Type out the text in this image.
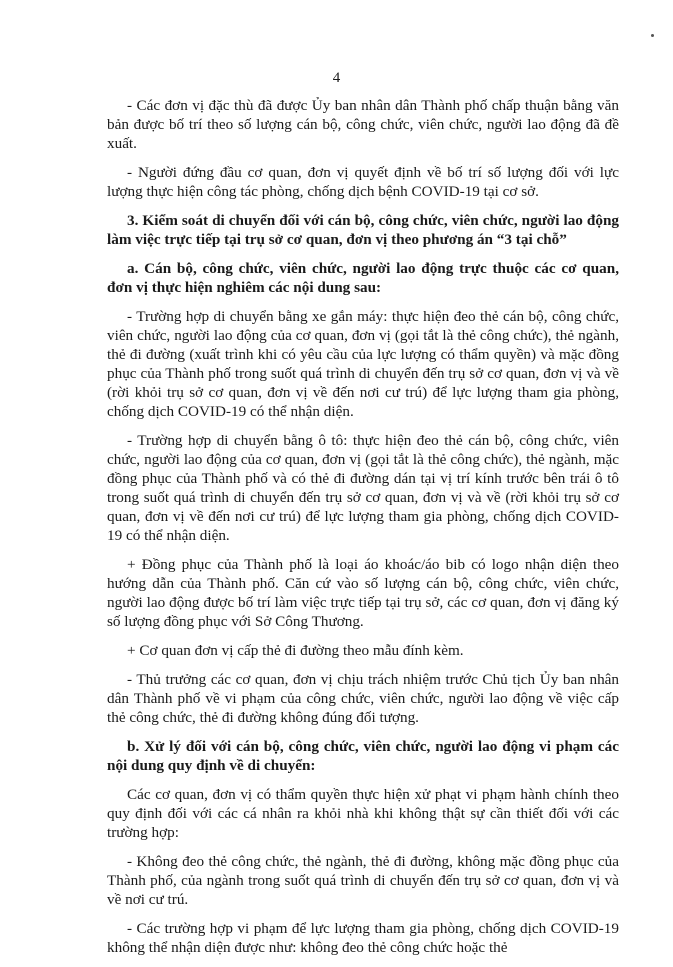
4

- Các đơn vị đặc thù đã được Ủy ban nhân dân Thành phố chấp thuận bằng văn bản được bố trí theo số lượng cán bộ, công chức, viên chức, người lao động đã đề xuất.

- Người đứng đầu cơ quan, đơn vị quyết định về bố trí số lượng đối với lực lượng thực hiện công tác phòng, chống dịch bệnh COVID-19 tại cơ sở.

3. Kiểm soát di chuyển đối với cán bộ, công chức, viên chức, người lao động làm việc trực tiếp tại trụ sở cơ quan, đơn vị theo phương án “3 tại chỗ”

a. Cán bộ, công chức, viên chức, người lao động trực thuộc các cơ quan, đơn vị thực hiện nghiêm các nội dung sau:

- Trường hợp di chuyển bằng xe gắn máy: thực hiện đeo thẻ cán bộ, công chức, viên chức, người lao động của cơ quan, đơn vị (gọi tắt là thẻ công chức), thẻ ngành, thẻ đi đường (xuất trình khi có yêu cầu của lực lượng có thẩm quyền) và mặc đồng phục của Thành phố trong suốt quá trình di chuyển đến trụ sở cơ quan, đơn vị và về (rời khỏi trụ sở cơ quan, đơn vị về đến nơi cư trú) để lực lượng tham gia phòng, chống dịch COVID-19 có thể nhận diện.

- Trường hợp di chuyển bằng ô tô: thực hiện đeo thẻ cán bộ, công chức, viên chức, người lao động của cơ quan, đơn vị (gọi tắt là thẻ công chức), thẻ ngành, mặc đồng phục của Thành phố và có thẻ đi đường dán tại vị trí kính trước bên trái ô tô trong suốt quá trình di chuyển đến trụ sở cơ quan, đơn vị và về (rời khỏi trụ sở cơ quan, đơn vị về đến nơi cư trú) để lực lượng tham gia phòng, chống dịch COVID-19 có thể nhận diện.

+ Đồng phục của Thành phố là loại áo khoác/áo bib có logo nhận diện theo hướng dẫn của Thành phố. Căn cứ vào số lượng cán bộ, công chức, viên chức, người lao động được bố trí làm việc trực tiếp tại trụ sở, các cơ quan, đơn vị đăng ký số lượng đồng phục với Sở Công Thương.

+ Cơ quan đơn vị cấp thẻ đi đường theo mẫu đính kèm.

- Thủ trưởng các cơ quan, đơn vị chịu trách nhiệm trước Chủ tịch Ủy ban nhân dân Thành phố về vi phạm của công chức, viên chức, người lao động về việc cấp thẻ công chức, thẻ đi đường không đúng đối tượng.

b. Xử lý đối với cán bộ, công chức, viên chức, người lao động vi phạm các nội dung quy định về di chuyển:

Các cơ quan, đơn vị có thẩm quyền thực hiện xử phạt vi phạm hành chính theo quy định đối với các cá nhân ra khỏi nhà khi không thật sự cần thiết đối với các trường hợp:

- Không đeo thẻ công chức, thẻ ngành, thẻ đi đường, không mặc đồng phục của Thành phố, của ngành trong suốt quá trình di chuyển đến trụ sở cơ quan, đơn vị và về nơi cư trú.

- Các trường hợp vi phạm để lực lượng tham gia phòng, chống dịch COVID-19 không thể nhận diện được như: không đeo thẻ công chức hoặc thẻ
